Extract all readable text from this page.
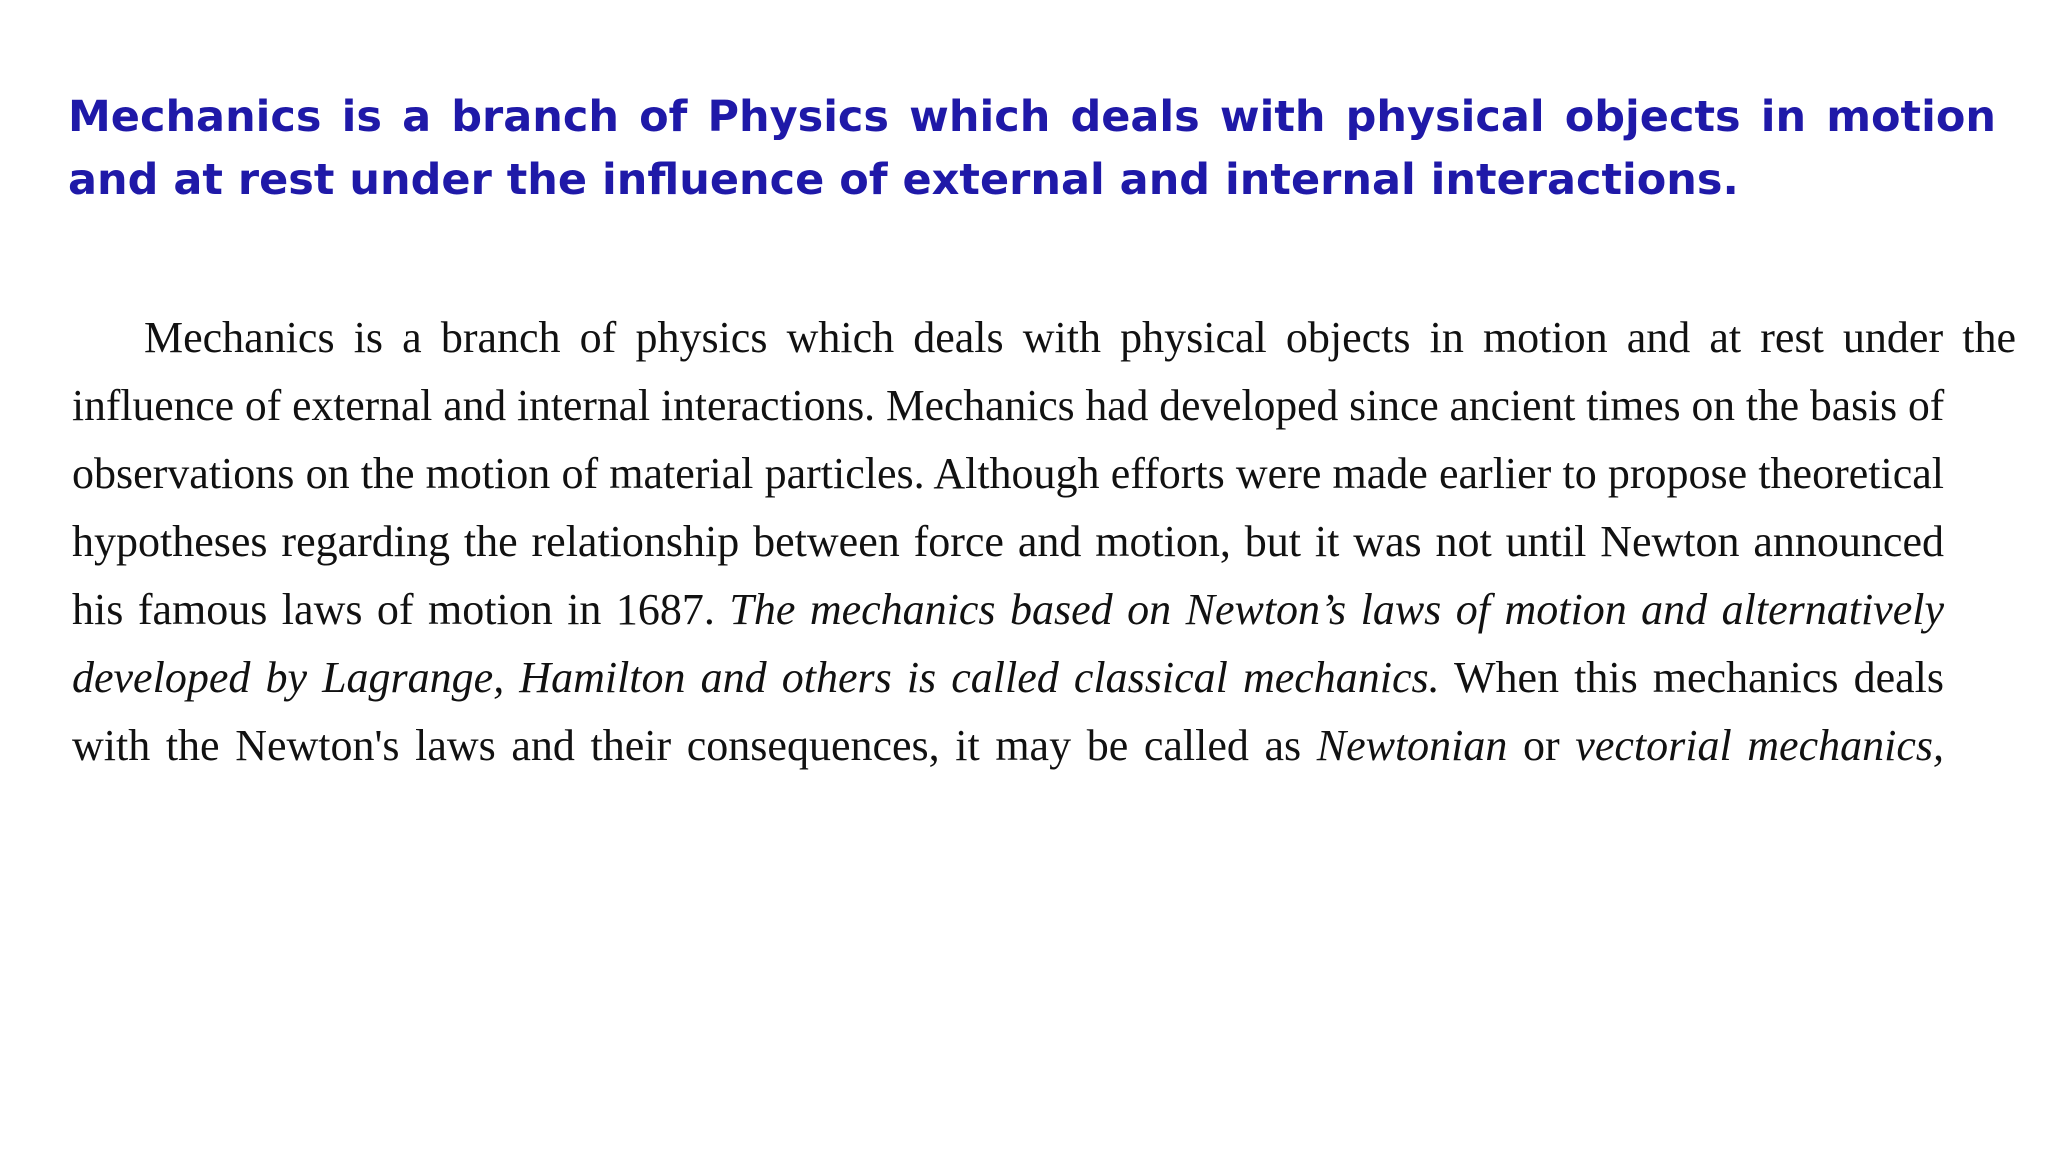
Mechanics is a branch of Physics which deals with physical objects in motion and at rest under the influence of external and internal interactions.

Mechanics is a branch of physics which deals with physical objects in motion and at rest under the
influence of external and internal interactions. Mechanics had developed since ancient times on the basis of
observations on the motion of material particles. Although efforts were made earlier to propose theoretical
hypotheses regarding the relationship between force and motion, but it was not until Newton announced
his famous laws of motion in 1687. The mechanics based on Newton’s laws of motion and alternatively
developed by Lagrange, Hamilton and others is called classical mechanics. When this mechanics deals
with the Newton's laws and their consequences, it may be called as Newtonian or vectorial mechanics,
